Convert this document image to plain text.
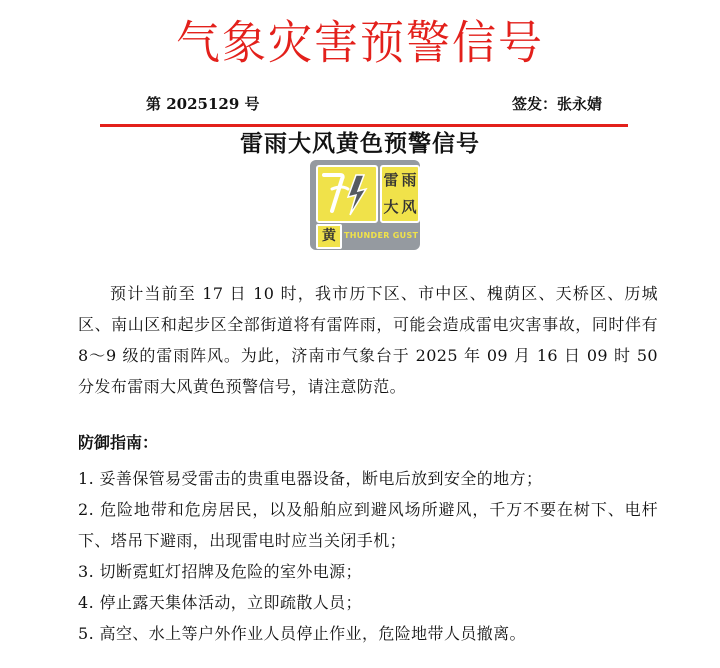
气象灾害预警信号
第 2025129 号	签发：张永婧
雷雨大风黄色预警信号
雷 雨
大 风
黄	THUNDER GUST
预计当前至 17 日 10 时，我市历下区、市中区、槐荫区、天桥区、历城区、南山区和起步区全部街道将有雷阵雨，可能会造成雷电灾害事故，同时伴有 8～9 级的雷雨阵风。为此，济南市气象台于 2025 年 09 月 16 日 09 时 50 分发布雷雨大风黄色预警信号，请注意防范。
防御指南：
1. 妥善保管易受雷击的贵重电器设备，断电后放到安全的地方；
2. 危险地带和危房居民，以及船舶应到避风场所避风，千万不要在树下、电杆下、塔吊下避雨，出现雷电时应当关闭手机；
3. 切断霓虹灯招牌及危险的室外电源；
4. 停止露天集体活动，立即疏散人员；
5. 高空、水上等户外作业人员停止作业，危险地带人员撤离。
